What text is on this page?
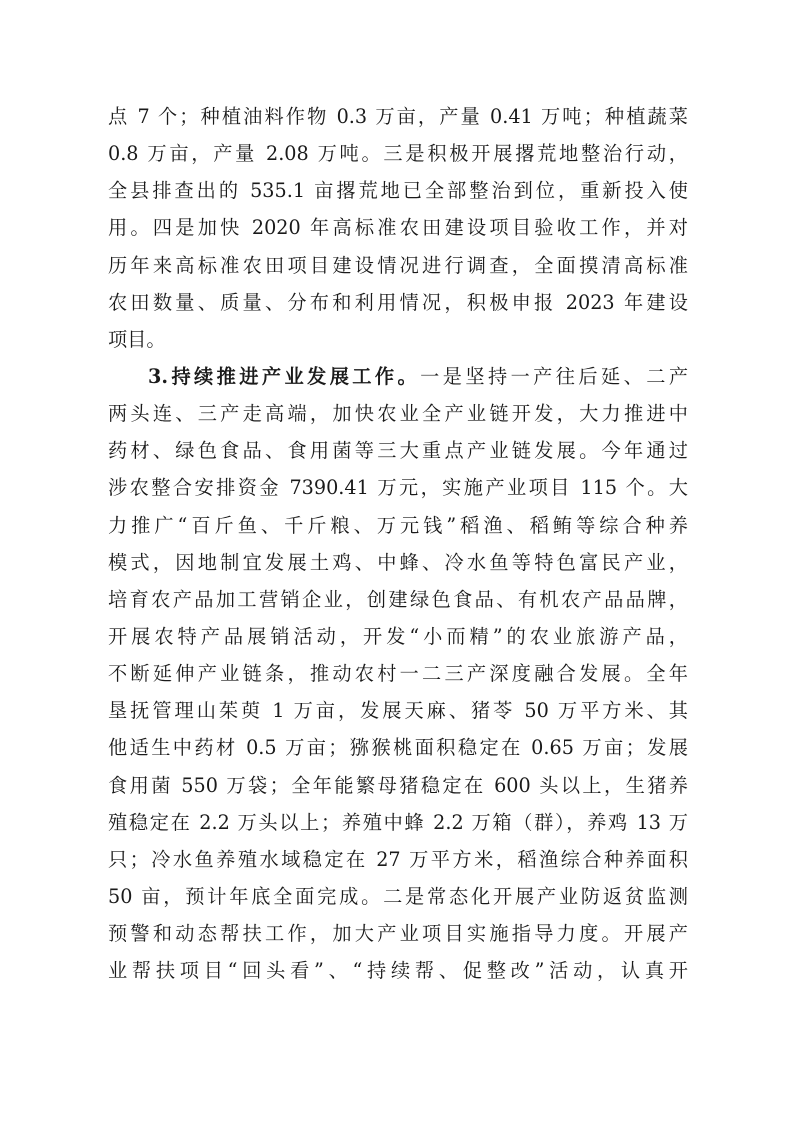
点 7 个；种植油料作物 0.3 万亩，产量 0.41 万吨；种植蔬菜
0.8 万亩，产量 2.08 万吨。三是积极开展撂荒地整治行动，
全县排查出的 535.1 亩撂荒地已全部整治到位，重新投入使
用。四是加快 2020 年高标准农田建设项目验收工作，并对
历年来高标准农田项目建设情况进行调查，全面摸清高标准
农田数量、质量、分布和利用情况，积极申报 2023 年建设
项目。
3.持续推进产业发展工作。一是坚持一产往后延、二产
两头连、三产走高端，加快农业全产业链开发，大力推进中
药材、绿色食品、食用菌等三大重点产业链发展。今年通过
涉农整合安排资金 7390.41 万元，实施产业项目 115 个。大
力推广“百斤鱼、千斤粮、万元钱”稻渔、稻鲔等综合种养
模式，因地制宜发展土鸡、中蜂、冷水鱼等特色富民产业，
培育农产品加工营销企业，创建绿色食品、有机农产品品牌，
开展农特产品展销活动，开发“小而精”的农业旅游产品，
不断延伸产业链条，推动农村一二三产深度融合发展。全年
垦抚管理山茱萸 1 万亩，发展天麻、猪苓 50 万平方米、其
他适生中药材 0.5 万亩；猕猴桃面积稳定在 0.65 万亩；发展
食用菌 550 万袋；全年能繁母猪稳定在 600 头以上，生猪养
殖稳定在 2.2 万头以上；养殖中蜂 2.2 万箱（群），养鸡 13 万
只；冷水鱼养殖水域稳定在 27 万平方米，稻渔综合种养面积
50 亩，预计年底全面完成。二是常态化开展产业防返贫监测
预警和动态帮扶工作，加大产业项目实施指导力度。开展产
业帮扶项目“回头看”、“持续帮、促整改”活动，认真开
